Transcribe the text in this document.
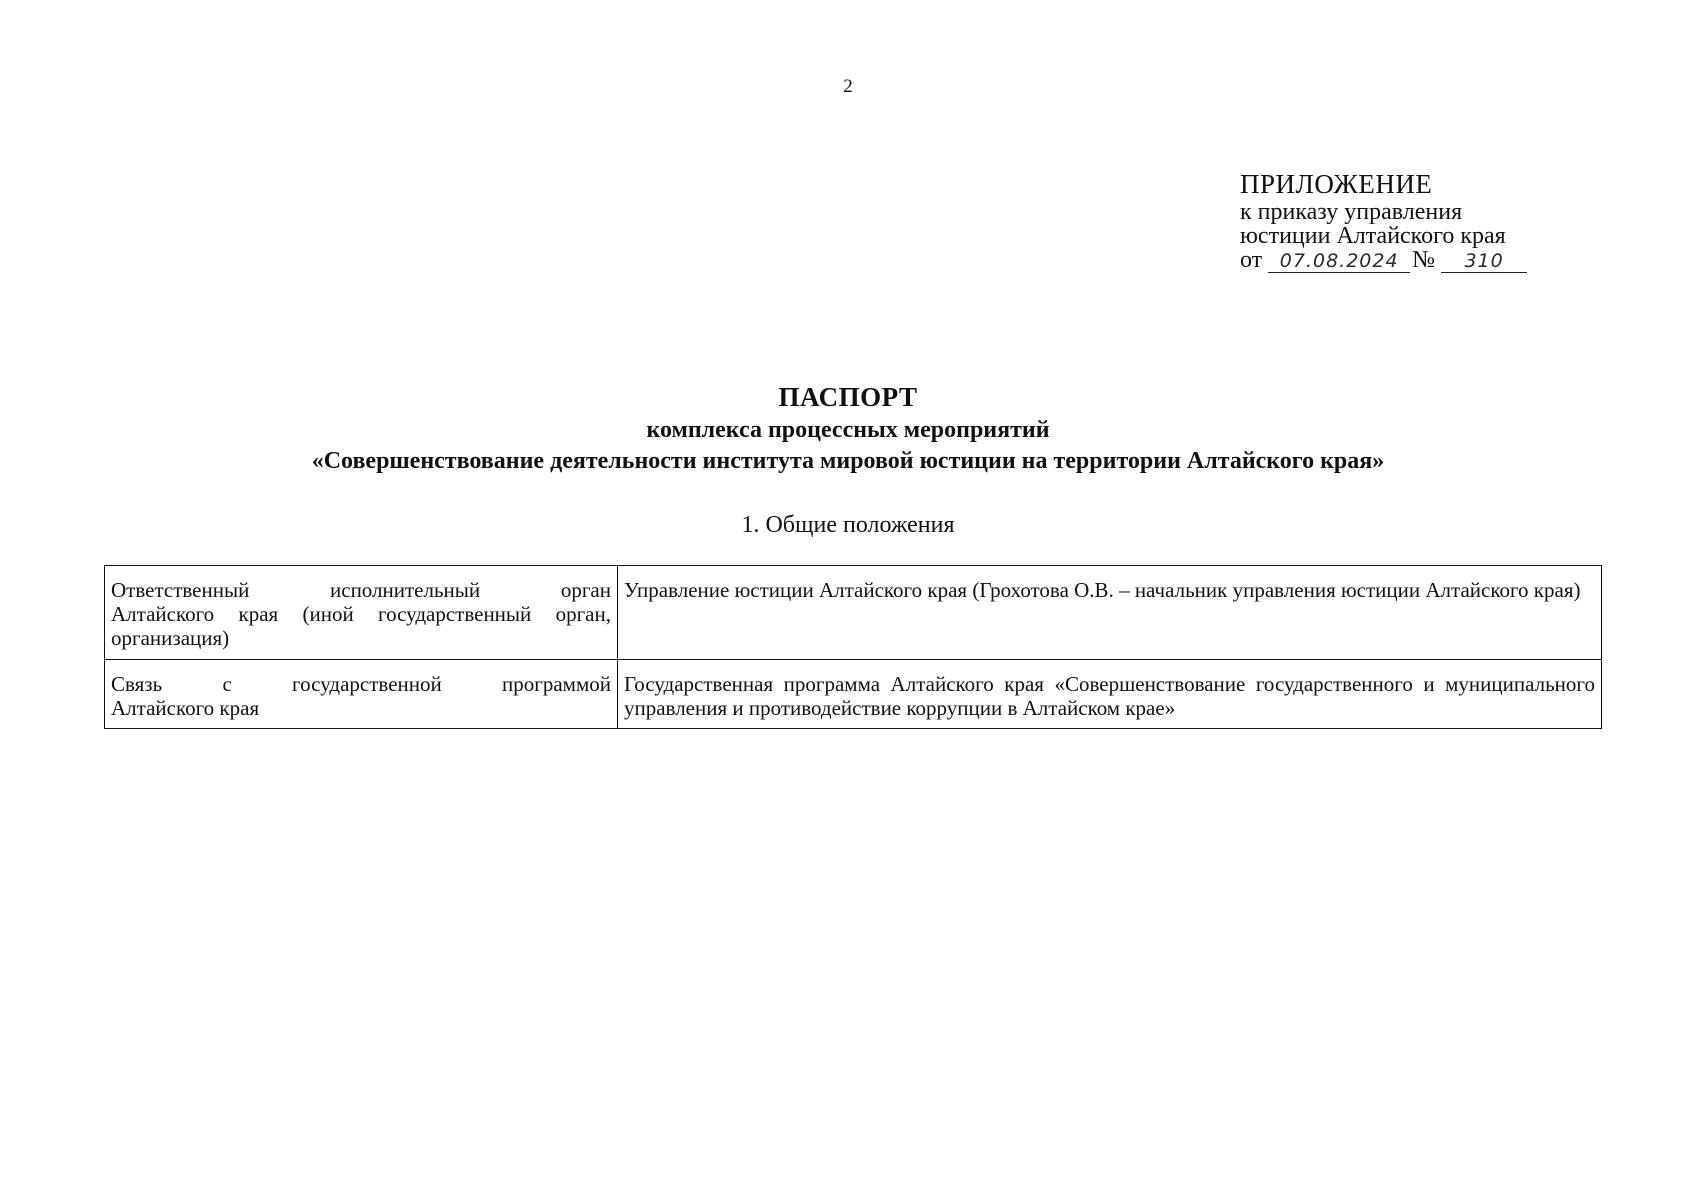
2
ПРИЛОЖЕНИЕ
к приказу управления
юстиции Алтайского края
от 07.08.2024 № 310
ПАСПОРТ
комплекса процессных мероприятий
«Совершенствование деятельности института мировой юстиции на территории Алтайского края»
1. Общие положения
Ответственный исполнительный орган
Алтайского края (иной государственный орган, организация)	Управление юстиции Алтайского края (Грохотова О.В. – начальник управления юстиции Алтайского края)

Связь с государственной программой
Алтайского края	Государственная программа Алтайского края «Совершенствование государственного и муниципального управления и противодействие коррупции в Алтайском крае»
